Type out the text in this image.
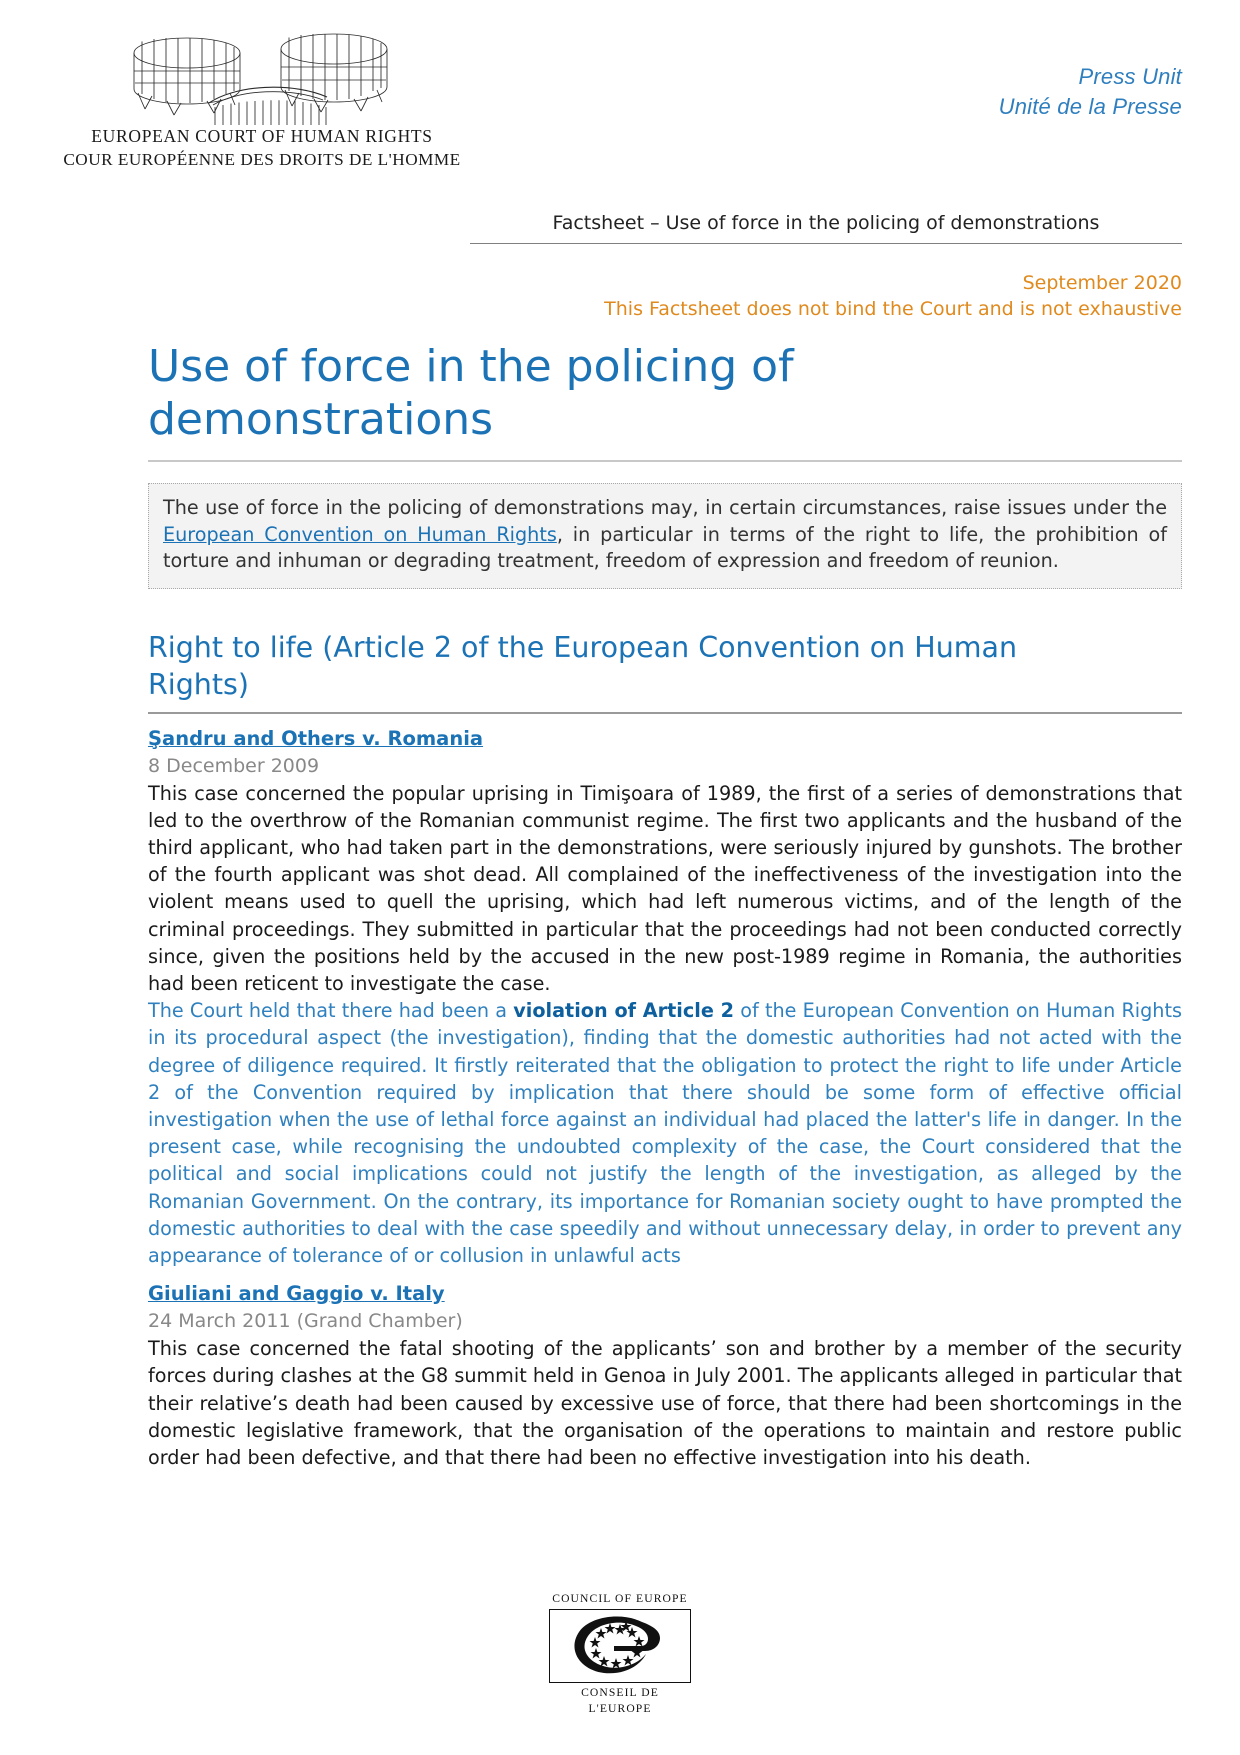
Press Unit
Unité de la Presse
EUROPEAN COURT OF HUMAN RIGHTS
COUR EUROPÉENNE DES DROITS DE L'HOMME
Factsheet – Use of force in the policing of demonstrations
September 2020
This Factsheet does not bind the Court and is not exhaustive
Use of force in the policing of
demonstrations
The use of force in the policing of demonstrations may, in certain circumstances, raise issues under the European Convention on Human Rights, in particular in terms of the right to life, the prohibition of torture and inhuman or degrading treatment, freedom of expression and freedom of reunion.
Right to life (Article 2 of the European Convention on Human
Rights)
Şandru and Others v. Romania
8 December 2009

This case concerned the popular uprising in Timişoara of 1989, the first of a series of demonstrations that led to the overthrow of the Romanian communist regime. The first two applicants and the husband of the third applicant, who had taken part in the demonstrations, were seriously injured by gunshots. The brother of the fourth applicant was shot dead. All complained of the ineffectiveness of the investigation into the violent means used to quell the uprising, which had left numerous victims, and of the length of the criminal proceedings. They submitted in particular that the proceedings had not been conducted correctly since, given the positions held by the accused in the new post-1989 regime in Romania, the authorities had been reticent to investigate the case.

The Court held that there had been a violation of Article 2 of the European Convention on Human Rights in its procedural aspect (the investigation), finding that the domestic authorities had not acted with the degree of diligence required. It firstly reiterated that the obligation to protect the right to life under Article 2 of the Convention required by implication that there should be some form of effective official investigation when the use of lethal force against an individual had placed the latter's life in danger. In the present case, while recognising the undoubted complexity of the case, the Court considered that the political and social implications could not justify the length of the investigation, as alleged by the Romanian Government. On the contrary, its importance for Romanian society ought to have prompted the domestic authorities to deal with the case speedily and without unnecessary delay, in order to prevent any appearance of tolerance of or collusion in unlawful acts

Giuliani and Gaggio v. Italy
24 March 2011 (Grand Chamber)

This case concerned the fatal shooting of the applicants’ son and brother by a member of the security forces during clashes at the G8 summit held in Genoa in July 2001. The applicants alleged in particular that their relative’s death had been caused by excessive use of force, that there had been shortcomings in the domestic legislative framework, that the organisation of the operations to maintain and restore public order had been defective, and that there had been no effective investigation into his death.

COUNCIL OF EUROPE
CONSEIL DE L'EUROPE
